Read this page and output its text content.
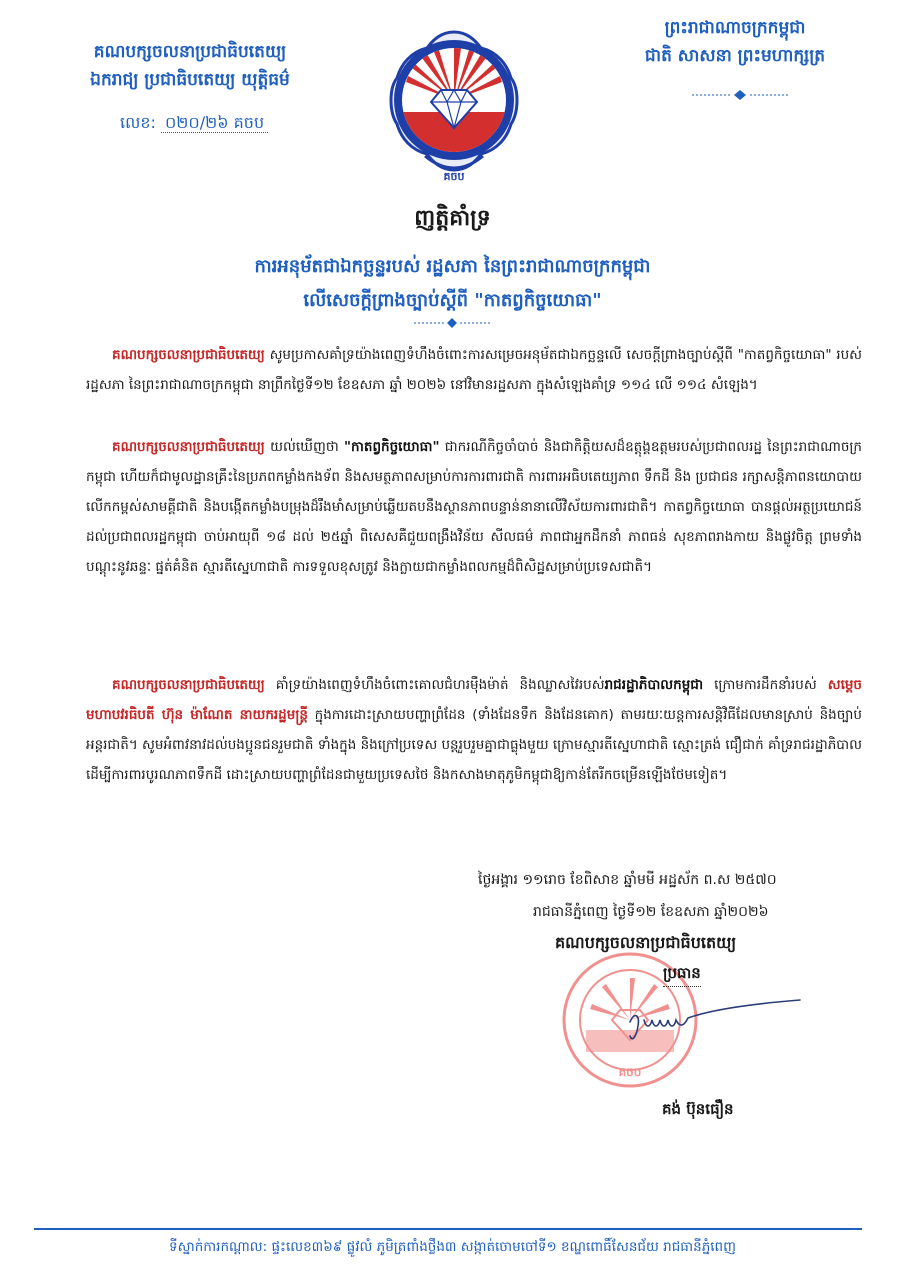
គណបក្សចលនាប្រជាធិបតេយ្យ
ឯករាជ្យ ប្រជាធិបតេយ្យ យុត្តិធម៌
លេខ: ០២០/២៦ គចប
ព្រះរាជាណាចក្រកម្ពុជា
ជាតិ សាសនា ព្រះមហាក្សត្រ
គចប
ញត្តិគាំទ្រ
ការអនុម័តជាឯកច្ឆន្ទរបស់ រដ្ឋសភា នៃព្រះរាជាណាចក្រកម្ពុជា
លើសេចក្តីព្រាងច្បាប់ស្តីពី "កាតព្វកិច្ចយោធា"
គណបក្សចលនាប្រជាធិបតេយ្យ សូមប្រកាសគាំទ្រយ៉ាងពេញទំហឹងចំពោះការសម្រេចអនុម័តជាឯកច្ឆន្ទលើ សេចក្តីព្រាងច្បាប់ស្តីពី "កាតព្វកិច្ចយោធា" របស់រដ្ឋសភា នៃព្រះរាជាណាចក្រកម្ពុជា នាព្រឹកថ្ងៃទី១២ ខែឧសភា ឆ្នាំ ២០២៦ នៅវិមានរដ្ឋសភា ក្នុងសំឡេងគាំទ្រ ១១៤ លើ ១១៤ សំឡេង។
គណបក្សចលនាប្រជាធិបតេយ្យ យល់ឃើញថា "កាតព្វកិច្ចយោធា" ជាករណីកិច្ចចាំបាច់ និងជាកិត្តិយសដ៏ឧត្តុង្គឧត្តមរបស់ប្រជាពលរដ្ឋ នៃព្រះរាជាណាចក្រកម្ពុជា ហើយក៏ជាមូលដ្ឋានគ្រឹះនៃប្រភពកម្លាំងកងទ័ព និងសមត្ថភាពសម្រាប់ការការពារជាតិ ការពារអធិបតេយ្យភាព ទឹកដី និង ប្រជាជន រក្សាសន្តិភាពនយោបាយ លើកកម្ពស់សាមគ្គីជាតិ និងបង្កើតកម្លាំងបម្រុងដ៏រឹងមាំសម្រាប់ឆ្លើយតបនឹងស្ថានភាពបន្ទាន់នានាលើវិស័យការពារជាតិ។ កាតព្វកិច្ចយោធា បានផ្តល់អត្ថប្រយោជន៍ដល់ប្រជាពលរដ្ឋកម្ពុជា ចាប់អាយុពី ១៨ ដល់ ២៥ឆ្នាំ ពិសេសគឺជួយពង្រឹងវិន័យ សីលធម៌ ភាពជាអ្នកដឹកនាំ ភាពធន់ សុខភាពរាងកាយ និងផ្លូវចិត្ត ព្រមទាំងបណ្តុះនូវឆន្ទៈ ផ្នត់គំនិត ស្មារតីស្នេហាជាតិ ការទទួលខុសត្រូវ និងក្លាយជាកម្លាំងពលកម្មដ៏ពិសិដ្ឋសម្រាប់ប្រទេសជាតិ។
គណបក្សចលនាប្រជាធិបតេយ្យ គាំទ្រយ៉ាងពេញទំហឹងចំពោះគោលជំហរម៉ឺងម៉ាត់ និងឈ្លាសវៃរបស់រាជរដ្ឋាភិបាលកម្ពុជា ក្រោមការដឹកនាំរបស់ សម្តេចមហាបវរធិបតី ហ៊ុន ម៉ាណែត នាយករដ្ឋមន្ត្រី ក្នុងការដោះស្រាយបញ្ហាព្រំដែន (ទាំងដែនទឹក និងដែនគោក) តាមរយៈយន្តការសន្តិវិធីដែលមានស្រាប់ និងច្បាប់អន្តរជាតិ។ សូមអំពាវនាវដល់បងប្អូនជនរួមជាតិ ទាំងក្នុង និងក្រៅប្រទេស បន្តរួបរួមគ្នាជាធ្លុងមួយ ក្រោមស្មារតីស្នេហាជាតិ ស្មោះត្រង់ ជឿជាក់ គាំទ្ររាជរដ្ឋាភិបាល ដើម្បីការពារបូរណភាពទឹកដី ដោះស្រាយបញ្ហាព្រំដែនជាមួយប្រទេសថៃ និងកសាងមាតុភូមិកម្ពុជាឱ្យកាន់តែរីកចម្រើនឡើងថែមទៀត។
ថ្ងៃអង្គារ ១១រោច ខែពិសាខ ឆ្នាំមមី អដ្ឋស័ក ព.ស ២៥៧០
រាជធានីភ្នំពេញ ថ្ងៃទី១២ ខែឧសភា ឆ្នាំ២០២៦
គចប
គណបក្សចលនាប្រជាធិបតេយ្យ
ប្រធាន
គង់ ប៊ុនធឿន
ទីស្នាក់ការកណ្តាល: ផ្ទះលេខ៣៦៩ ផ្លូវលំ ភូមិត្រពាំងថ្លឹង៣ សង្កាត់ចោមចៅទី១ ខណ្ឌពោធិ៍សែនជ័យ រាជធានីភ្នំពេញ
